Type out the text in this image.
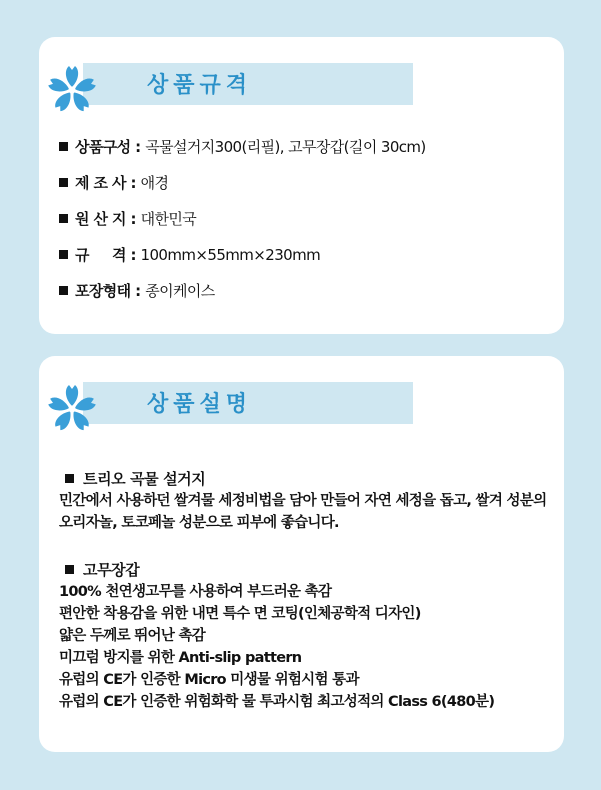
상품규격
상품구성 : 곡물설거지300(리필), 고무장갑(길이 30cm)
제 조 사 : 애경
원 산 지 : 대한민국
규     격 : 100mm×55mm×230mm
포장형태 : 종이케이스
상품설명
트리오 곡물 설거지
민간에서 사용하던 쌀겨물 세정비법을 담아 만들어 자연 세정을 돕고, 쌀겨 성분의
오리자놀, 토코페놀 성분으로 피부에 좋습니다.
고무장갑
100% 천연생고무를 사용하여 부드러운 촉감
편안한 착용감을 위한 내면 특수 면 코팅(인체공학적 디자인)
얇은 두께로 뛰어난 촉감
미끄럼 방지를 위한 Anti-slip pattern
유럽의 CE가 인증한 Micro 미생물 위험시험 통과
유럽의 CE가 인증한 위험화학 물 투과시험 최고성적의 Class 6(480분)
